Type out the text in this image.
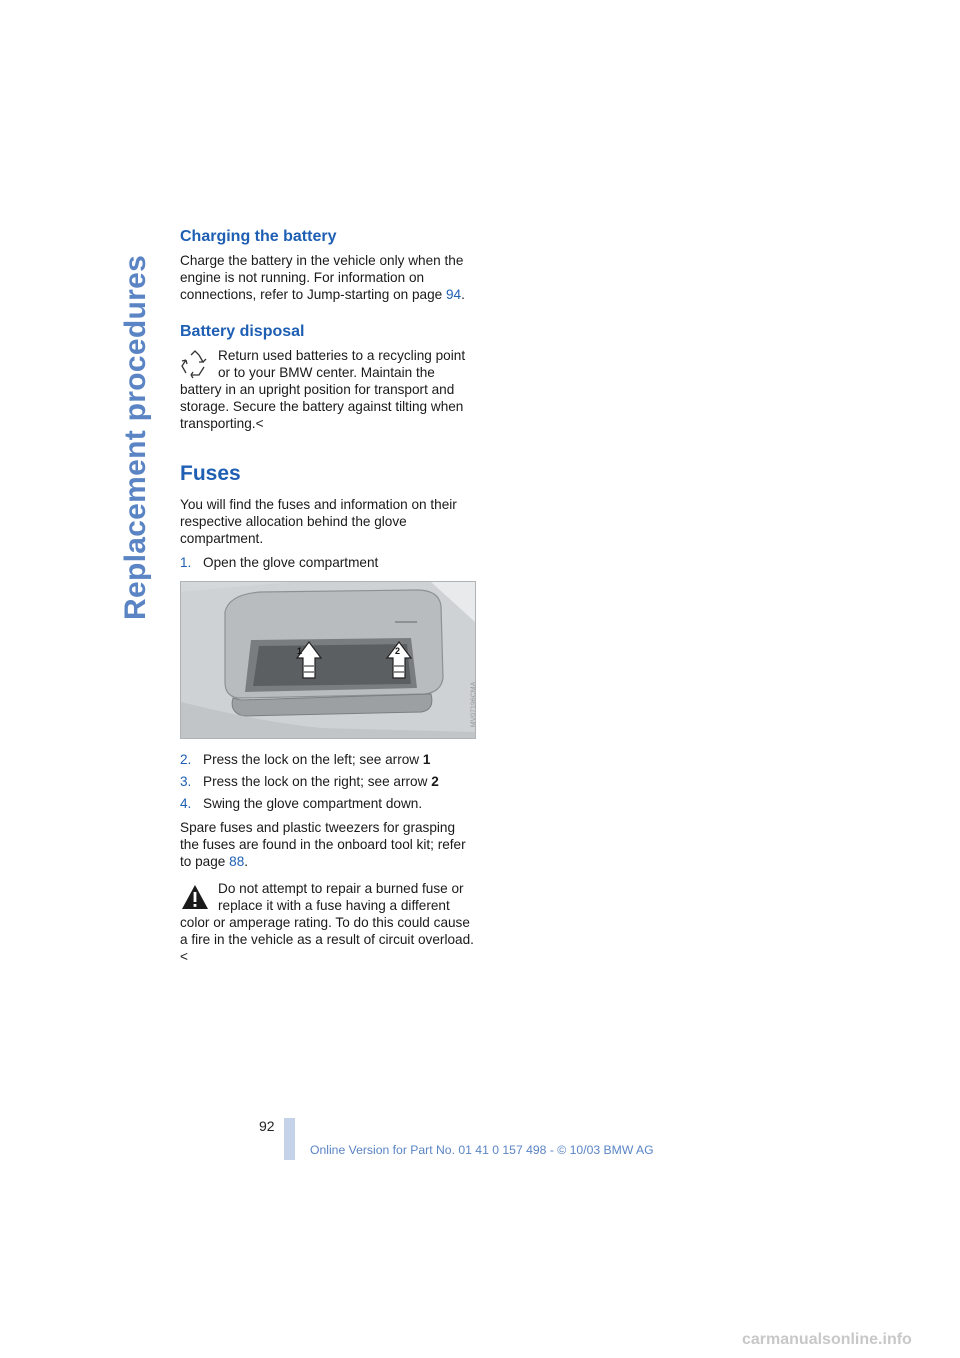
Replacement procedures
Charging the battery

Charge the battery in the vehicle only when the engine is not running. For information on connections, refer to Jump-starting on page 94.

Battery disposal

Return used batteries to a recycling point or to your BMW center. Maintain the battery in an upright position for transport and storage. Secure the battery against tilting when transporting.<

Fuses

You will find the fuses and information on their respective allocation behind the glove compartment.

1. Open the glove compartment
1	2
MV07196CMA
2. Press the lock on the left; see arrow 1
3. Press the lock on the right; see arrow 2
4. Swing the glove compartment down.

Spare fuses and plastic tweezers for grasping the fuses are found in the onboard tool kit; refer to page 88.

Do not attempt to repair a burned fuse or replace it with a fuse having a different color or amperage rating. To do this could cause a fire in the vehicle as a result of circuit overload.<

92
Online Version for Part No. 01 41 0 157 498 - © 10/03 BMW AG
carmanualsonline.info
